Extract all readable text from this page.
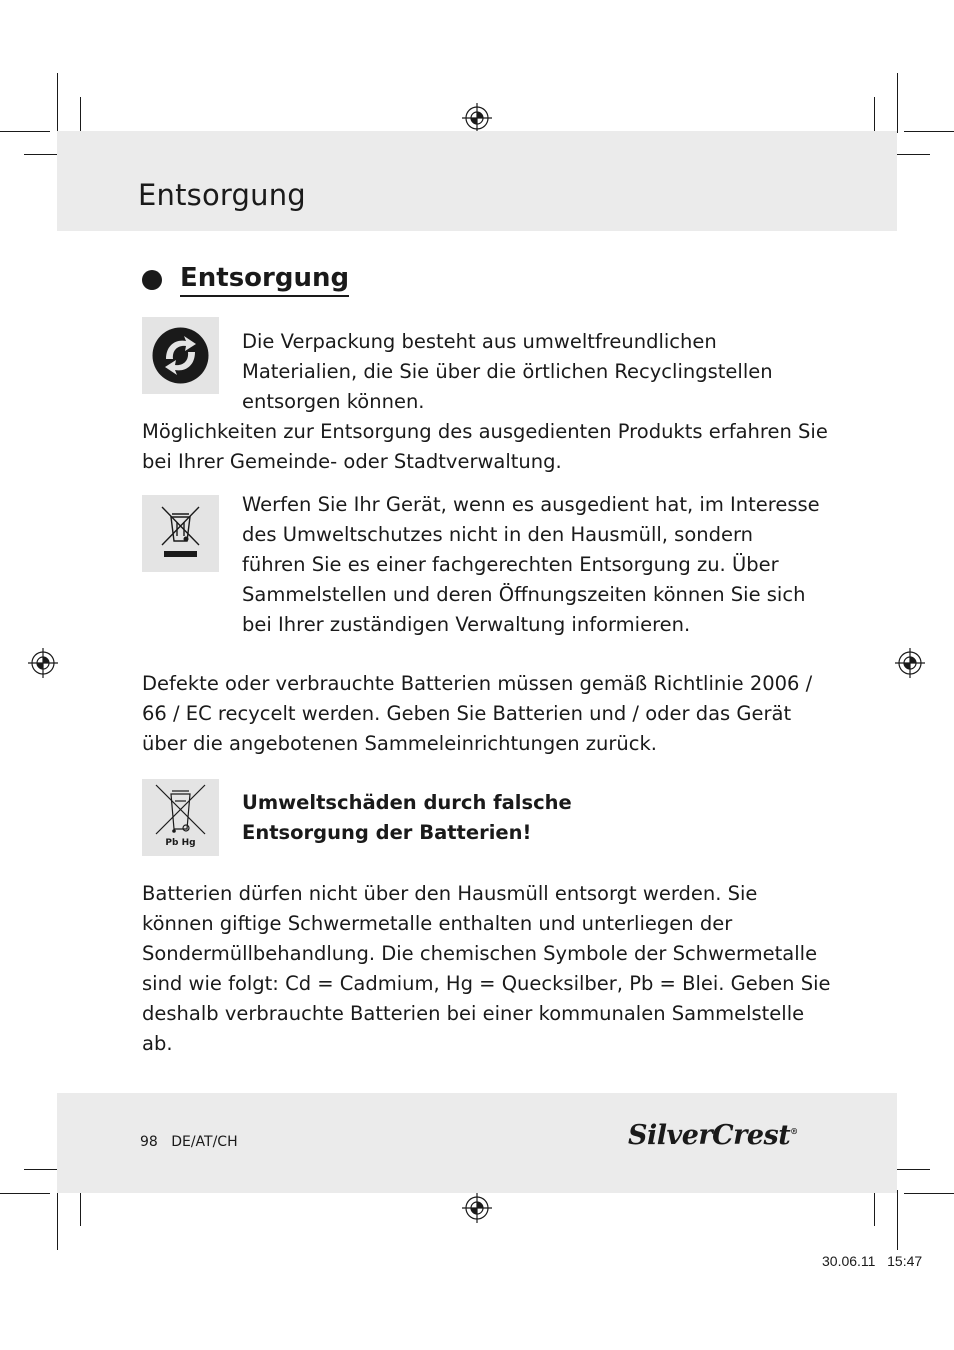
Entsorgung
Entsorgung
Die Verpackung besteht aus umweltfreundlichen Materialien, die Sie über die örtlichen Recyclingstellen entsorgen können.
Möglichkeiten zur Entsorgung des ausgedienten Produkts erfahren Sie bei Ihrer Gemeinde- oder Stadtverwaltung.
Werfen Sie Ihr Gerät, wenn es ausgedient hat, im Interesse des Umweltschutzes nicht in den Hausmüll, sondern führen Sie es einer fachgerechten Entsorgung zu. Über Sammelstellen und deren Öffnungszeiten können Sie sich bei Ihrer zuständigen Verwaltung informieren.
Defekte oder verbrauchte Batterien müssen gemäß Richtlinie 2006 / 66 / EC recycelt werden. Geben Sie Batterien und / oder das Gerät über die angebotenen Sammeleinrichtungen zurück.
Pb Hg

Umweltschäden durch falsche

Entsorgung der Batterien!

Batterien dürfen nicht über den Hausmüll entsorgt werden. Sie können giftige Schwermetalle enthalten und unterliegen der Sondermüllbehandlung. Die chemischen Symbole der Schwermetalle sind wie folgt: Cd = Cadmium, Hg = Quecksilber, Pb = Blei. Geben Sie deshalb verbrauchte Batterien bei einer kommunalen Sammelstelle ab.
98 DE/AT/CH	SilverCrest®
30.06.11 15:47
